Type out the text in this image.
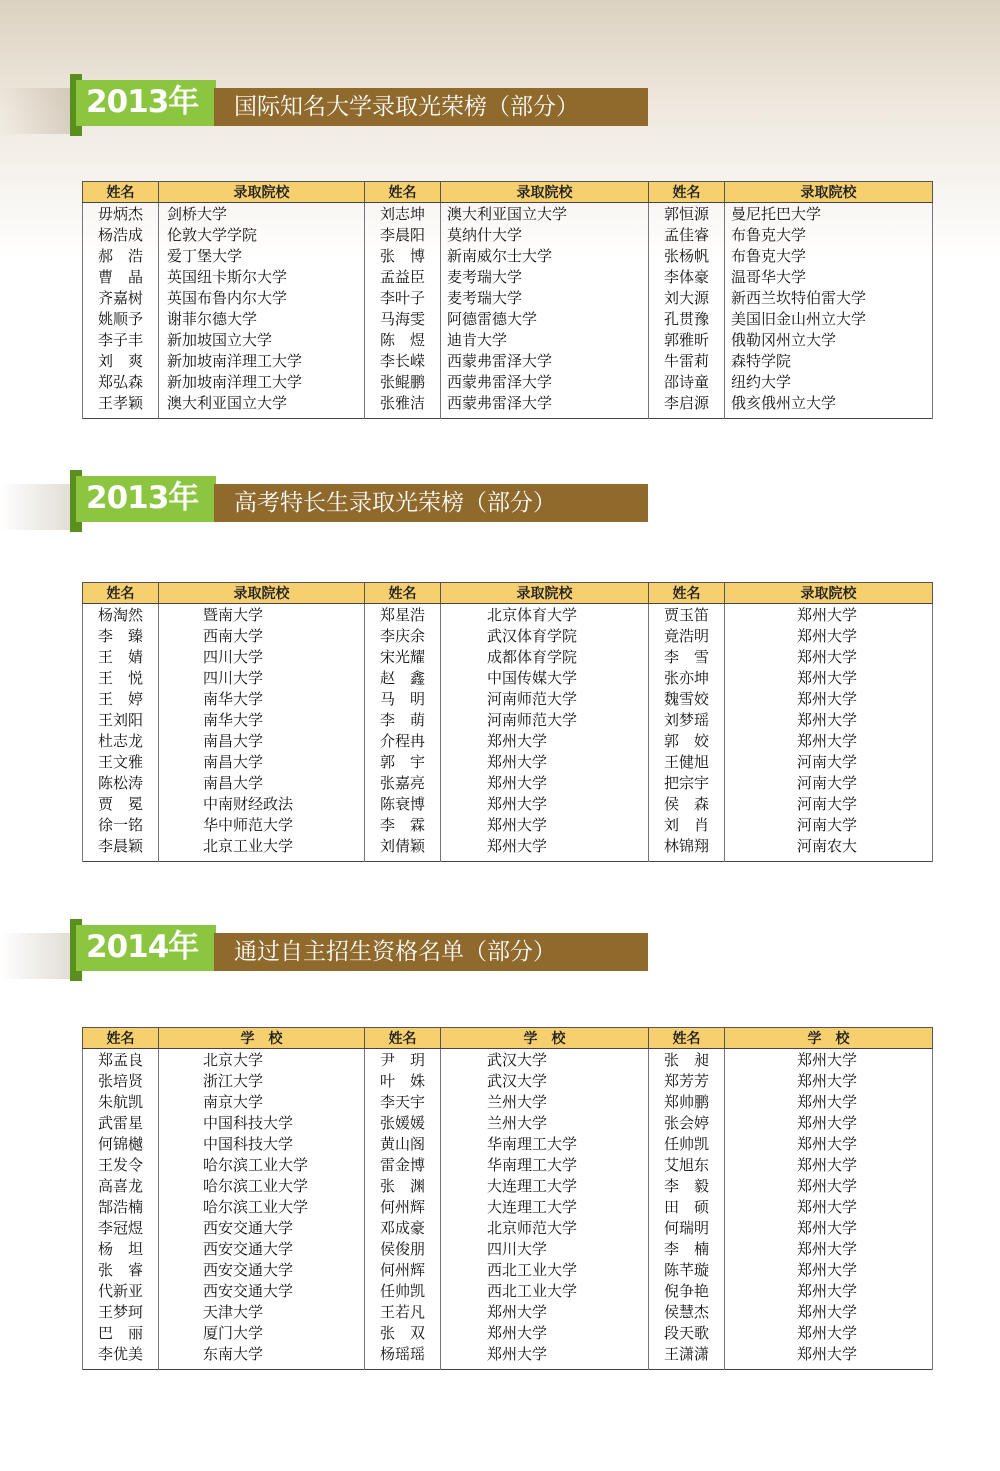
2013年	国际知名大学录取光荣榜（部分）
姓名	录取院校	姓名	录取院校	姓名	录取院校
毋炳杰	剑桥大学	刘志坤	澳大利亚国立大学	郭恒源	曼尼托巴大学
杨浩成	伦敦大学学院	李晨阳	莫纳什大学	孟佳睿	布鲁克大学
郝　浩	爱丁堡大学	张　博	新南威尔士大学	张杨帆	布鲁克大学
曹　晶	英国纽卡斯尔大学	孟益臣	麦考瑞大学	李体豪	温哥华大学
齐嘉树	英国布鲁内尔大学	李叶子	麦考瑞大学	刘大源	新西兰坎特伯雷大学
姚顺予	谢菲尔德大学	马海雯	阿德雷德大学	孔贯豫	美国旧金山州立大学
李子丰	新加坡国立大学	陈　煜	迪肯大学	郭雅昕	俄勒冈州立大学
刘　爽	新加坡南洋理工大学	李长嵘	西蒙弗雷泽大学	牛雷莉	森特学院
郑弘森	新加坡南洋理工大学	张鲲鹏	西蒙弗雷泽大学	邵诗童	纽约大学
王孝颖	澳大利亚国立大学	张雅洁	西蒙弗雷泽大学	李启源	俄亥俄州立大学
2013年	高考特长生录取光荣榜（部分）
姓名	录取院校	姓名	录取院校	姓名	录取院校
杨淘然	暨南大学	郑星浩	北京体育大学	贾玉笛	郑州大学
李　臻	西南大学	李庆余	武汉体育学院	竟浩明	郑州大学
王　婧	四川大学	宋光耀	成都体育学院	李　雪	郑州大学
王　悦	四川大学	赵　鑫	中国传媒大学	张亦坤	郑州大学
王　婷	南华大学	马　明	河南师范大学	魏雪姣	郑州大学
王刘阳	南华大学	李　萌	河南师范大学	刘梦瑶	郑州大学
杜志龙	南昌大学	介程冉	郑州大学	郭　姣	郑州大学
王文雅	南昌大学	郭　宇	郑州大学	王健旭	河南大学
陈松涛	南昌大学	张嘉亮	郑州大学	把宗宇	河南大学
贾　冕	中南财经政法	陈衰博	郑州大学	侯　森	河南大学
徐一铭	华中师范大学	李　霖	郑州大学	刘　肖	河南大学
李晨颖	北京工业大学	刘倩颖	郑州大学	林锦翔	河南农大
2014年	通过自主招生资格名单（部分）
姓名	学　校	姓名	学　校	姓名	学　校
郑孟良	北京大学	尹　玥	武汉大学	张　昶	郑州大学
张培贤	浙江大学	叶　姝	武汉大学	郑芳芳	郑州大学
朱航凯	南京大学	李天宇	兰州大学	郑帅鹏	郑州大学
武雷星	中国科技大学	张媛媛	兰州大学	张会婷	郑州大学
何锦樾	中国科技大学	黄山阁	华南理工大学	任帅凯	郑州大学
王发令	哈尔滨工业大学	雷金博	华南理工大学	艾旭东	郑州大学
高喜龙	哈尔滨工业大学	张　渊	大连理工大学	李　毅	郑州大学
郜浩楠	哈尔滨工业大学	何州辉	大连理工大学	田　硕	郑州大学
李冠煜	西安交通大学	邓成豪	北京师范大学	何瑞明	郑州大学
杨　坦	西安交通大学	侯俊朋	四川大学	李　楠	郑州大学
张　睿	西安交通大学	何州辉	西北工业大学	陈芊璇	郑州大学
代新亚	西安交通大学	任帅凯	西北工业大学	倪争艳	郑州大学
王梦珂	天津大学	王若凡	郑州大学	侯慧杰	郑州大学
巴　丽	厦门大学	张　双	郑州大学	段天歌	郑州大学
李优美	东南大学	杨瑶瑶	郑州大学	王潇潇	郑州大学
